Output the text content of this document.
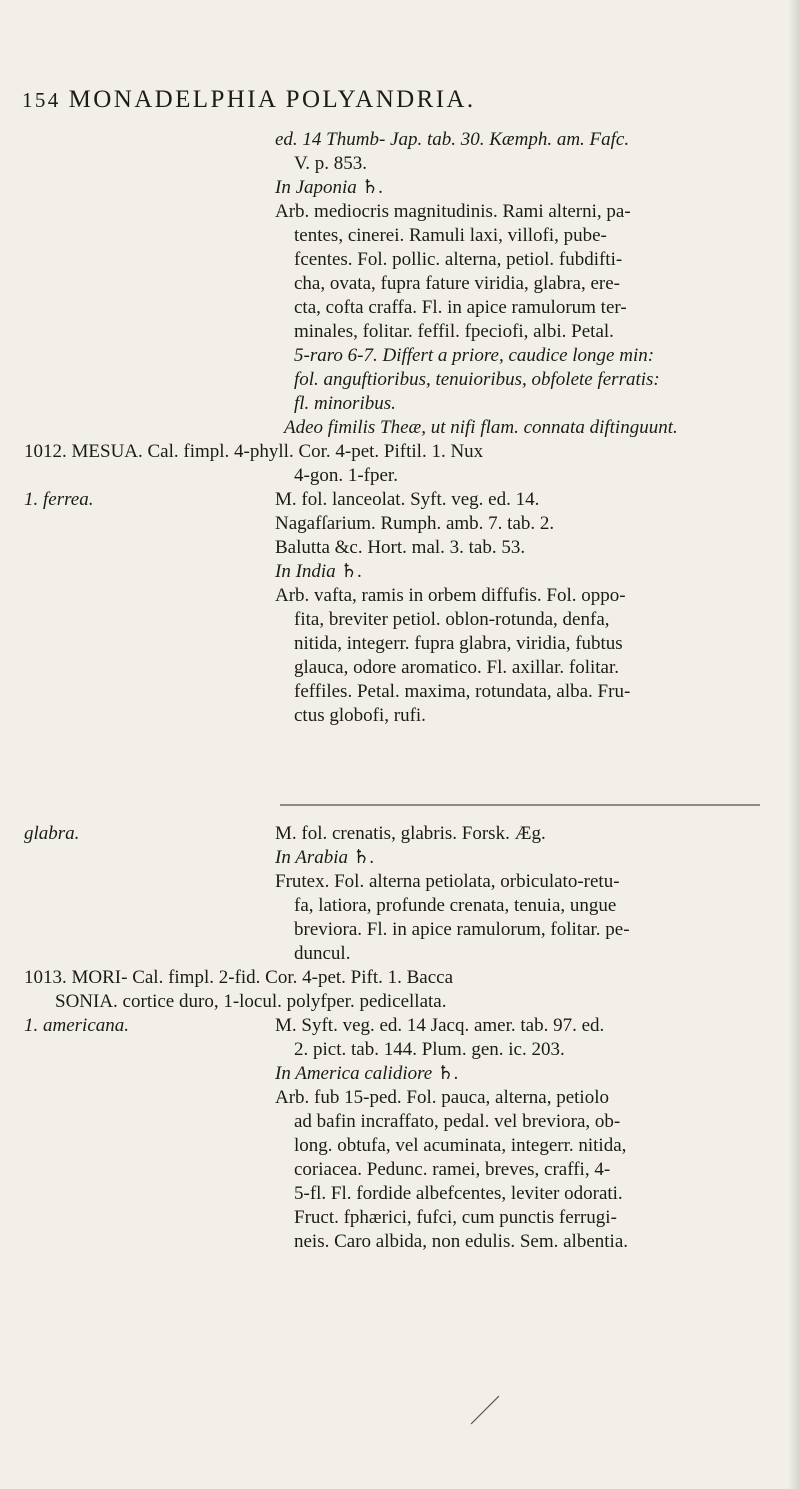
154 MONADELPHIA POLYANDRIA.
ed. 14 Thumb- Jap. tab. 30. Kæmph. am. Fafc.
V. p. 853.
In Japonia ♄.
Arb. mediocris magnitudinis. Rami alterni, pa-
tentes, cinerei. Ramuli laxi, villofi, pube-
fcentes. Fol. pollic. alterna, petiol. fubdifti-
cha, ovata, fupra fature viridia, glabra, ere-
cta, cofta craffa. Fl. in apice ramulorum ter-
minales, folitar. feffil. fpeciofi, albi. Petal.
5-raro 6-7. Differt a priore, caudice longe min:
fol. anguftioribus, tenuioribus, obfolete ferratis:
fl. minoribus.
Adeo fimilis Theæ, ut nifi flam. connata diftinguunt.
1012. MESUA. Cal. fimpl. 4-phyll. Cor. 4-pet. Piftil. 1. Nux
4-gon. 1-fper.
1. ferrea.	M. fol. lanceolat. Syft. veg. ed. 14.
Nagafſarium. Rumph. amb. 7. tab. 2.
Balutta &c. Hort. mal. 3. tab. 53.
In India ♄.
Arb. vafta, ramis in orbem diffufis. Fol. oppo-
fita, breviter petiol. oblon-rotunda, denfa,
nitida, integerr. fupra glabra, viridia, fubtus
glauca, odore aromatico. Fl. axillar. folitar.
feffiles. Petal. maxima, rotundata, alba. Fru-
ctus globofi, rufi.
glabra.	M. fol. crenatis, glabris. Forsk. Æg.
In Arabia ♄.
Frutex. Fol. alterna petiolata, orbiculato-retu-
fa, latiora, profunde crenata, tenuia, ungue
breviora. Fl. in apice ramulorum, folitar. pe-
duncul.
1013. MORI- Cal. fimpl. 2-fid. Cor. 4-pet. Pift. 1. Bacca
SONIA. cortice duro, 1-locul. polyfper. pedicellata.
1. americana.	M. Syft. veg. ed. 14 Jacq. amer. tab. 97. ed.
2. pict. tab. 144. Plum. gen. ic. 203.
In America calidiore ♄.
Arb. fub 15-ped. Fol. pauca, alterna, petiolo
ad bafin incraffato, pedal. vel breviora, ob-
long. obtufa, vel acuminata, integerr. nitida,
coriacea. Pedunc. ramei, breves, craffi, 4-
5-fl. Fl. fordide albefcentes, leviter odorati.
Fruct. fphærici, fufci, cum punctis ferrugi-
neis. Caro albida, non edulis. Sem. albentia.
